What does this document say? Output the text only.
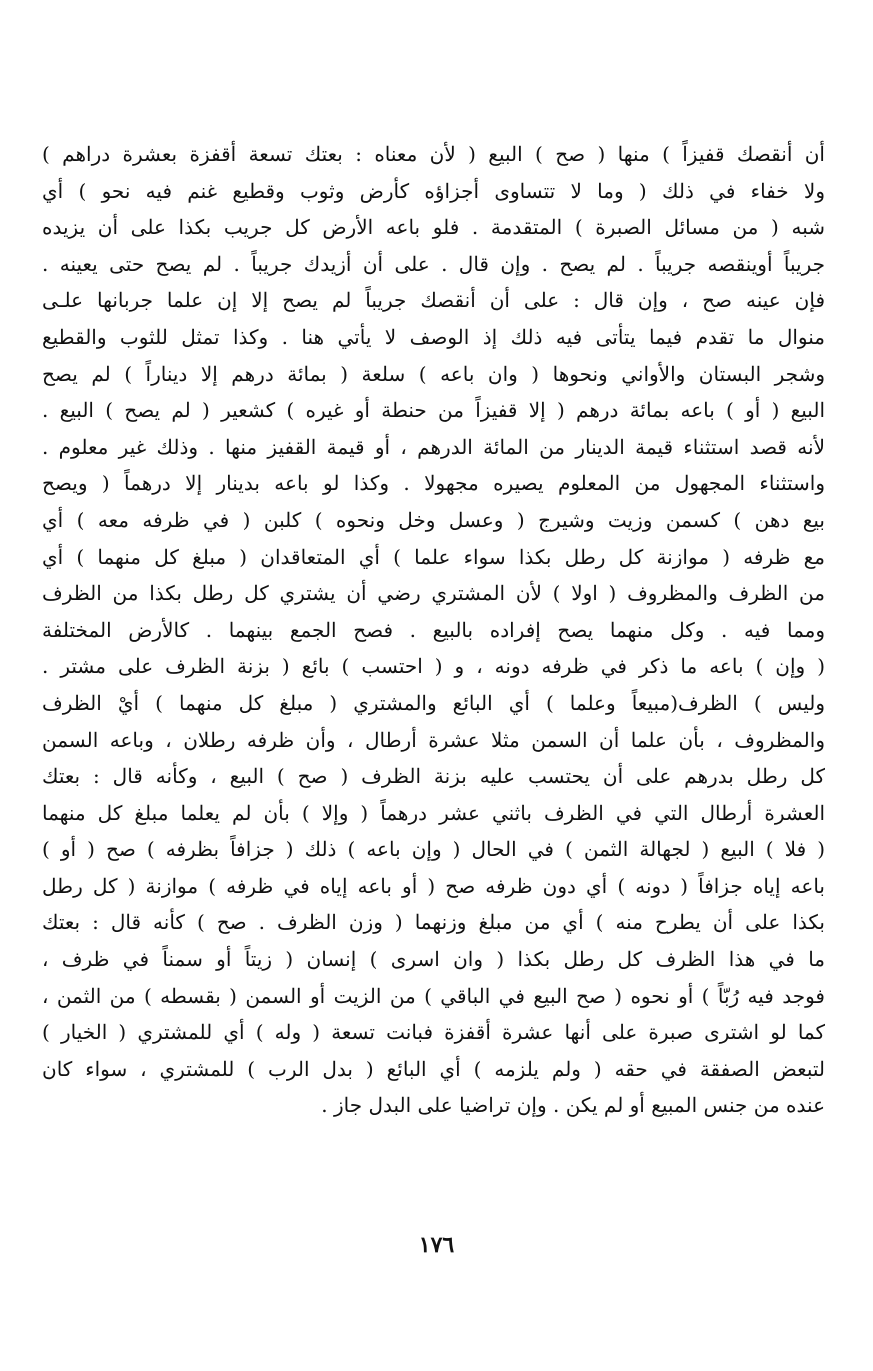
أن أنقصك قفيزاً ) منها ( صح ) البيع ( لأن معناه : بعتك تسعة أقفزة بعشرة دراهم )
ولا خفاء في ذلك ( وما لا تتساوى أجزاؤه كأرض وثوب وقطيع غنم فيه نحو ) أي
شبه ( من مسائل الصبرة ) المتقدمة . فلو باعه الأرض كل جريب بكذا على أن يزيده
جريباً أوينقصه جريباً . لم يصح . وإن قال . على أن أزيدك جريباً . لم يصح حتى يعينه .
فإن عينه صح ، وإن قال : على أن أنقصك جريباً لم يصح إلا إن علما جربانها علـى
منوال ما تقدم فيما يتأتى فيه ذلك إذ الوصف لا يأتي هنا . وكذا تمثل للثوب والقطيع
وشجر البستان والأواني ونحوها ( وان باعه ) سلعة ( بمائة درهم إلا ديناراً ) لم يصح
البيع ( أو ) باعه بمائة درهم ( إلا قفيزاً من حنطة أو غيره ) كشعير ( لم يصح ) البيع .
لأنه قصد استثناء قيمة الدينار من المائة الدرهم ، أو قيمة القفيز منها . وذلك غير معلوم .
واستثناء المجهول من المعلوم يصيره مجهولا . وكذا لو باعه بدينار إلا درهماً ( ويصح
بيع دهن ) كسمن وزيت وشيرج ( وعسل وخل ونحوه ) كلبن ( في ظرفه معه ) أي
مع ظرفه ( موازنة كل رطل بكذا سواء علما ) أي المتعاقدان ( مبلغ كل منهما ) أي
من الظرف والمظروف ( اولا ) لأن المشتري رضي أن يشتري كل رطل بكذا من الظرف
ومما فيه . وكل منهما يصح إفراده بالبيع . فصح الجمع بينهما . كالأرض المختلفة
( وإن ) باعه ما ذكر في ظرفه دونه ، و ( احتسب ) بائع ( بزنة الظرف على مشتر .
وليس ) الظرف(مبيعاً وعلما ) أي البائع والمشتري ( مبلغ كل منهما ) أيْ الظرف
والمظروف ، بأن علما أن السمن مثلا عشرة أرطال ، وأن ظرفه رطلان ، وباعه السمن
كل رطل بدرهم على أن يحتسب عليه بزنة الظرف ( صح ) البيع ، وكأنه قال : بعتك
العشرة أرطال التي في الظرف باثني عشر درهماً ( وإلا ) بأن لم يعلما مبلغ كل منهما
( فلا ) البيع ( لجهالة الثمن ) في الحال ( وإن باعه ) ذلك ( جزافاً بظرفه ) صح ( أو )
باعه إياه جزافاً ( دونه ) أي دون ظرفه صح ( أو باعه إياه في ظرفه ) موازنة ( كل رطل
بكذا على أن يطرح منه ) أي من مبلغ وزنهما ( وزن الظرف . صح ) كأنه قال : بعتك
ما في هذا الظرف كل رطل بكذا ( وان اسرى ) إنسان ( زيتاً أو سمناً في ظرف ،
فوجد فيه رُبّاً ) أو نحوه ( صح البيع في الباقي ) من الزيت أو السمن ( بقسطه ) من الثمن ،
كما لو اشترى صبرة على أنها عشرة أقفزة فبانت تسعة ( وله ) أي للمشتري ( الخيار )
لتبعض الصفقة في حقه ( ولم يلزمه ) أي البائع ( بدل الرب ) للمشتري ، سواء كان
عنده من جنس المبيع أو لم يكن . وإن تراضيا على البدل جاز .
١٧٦
